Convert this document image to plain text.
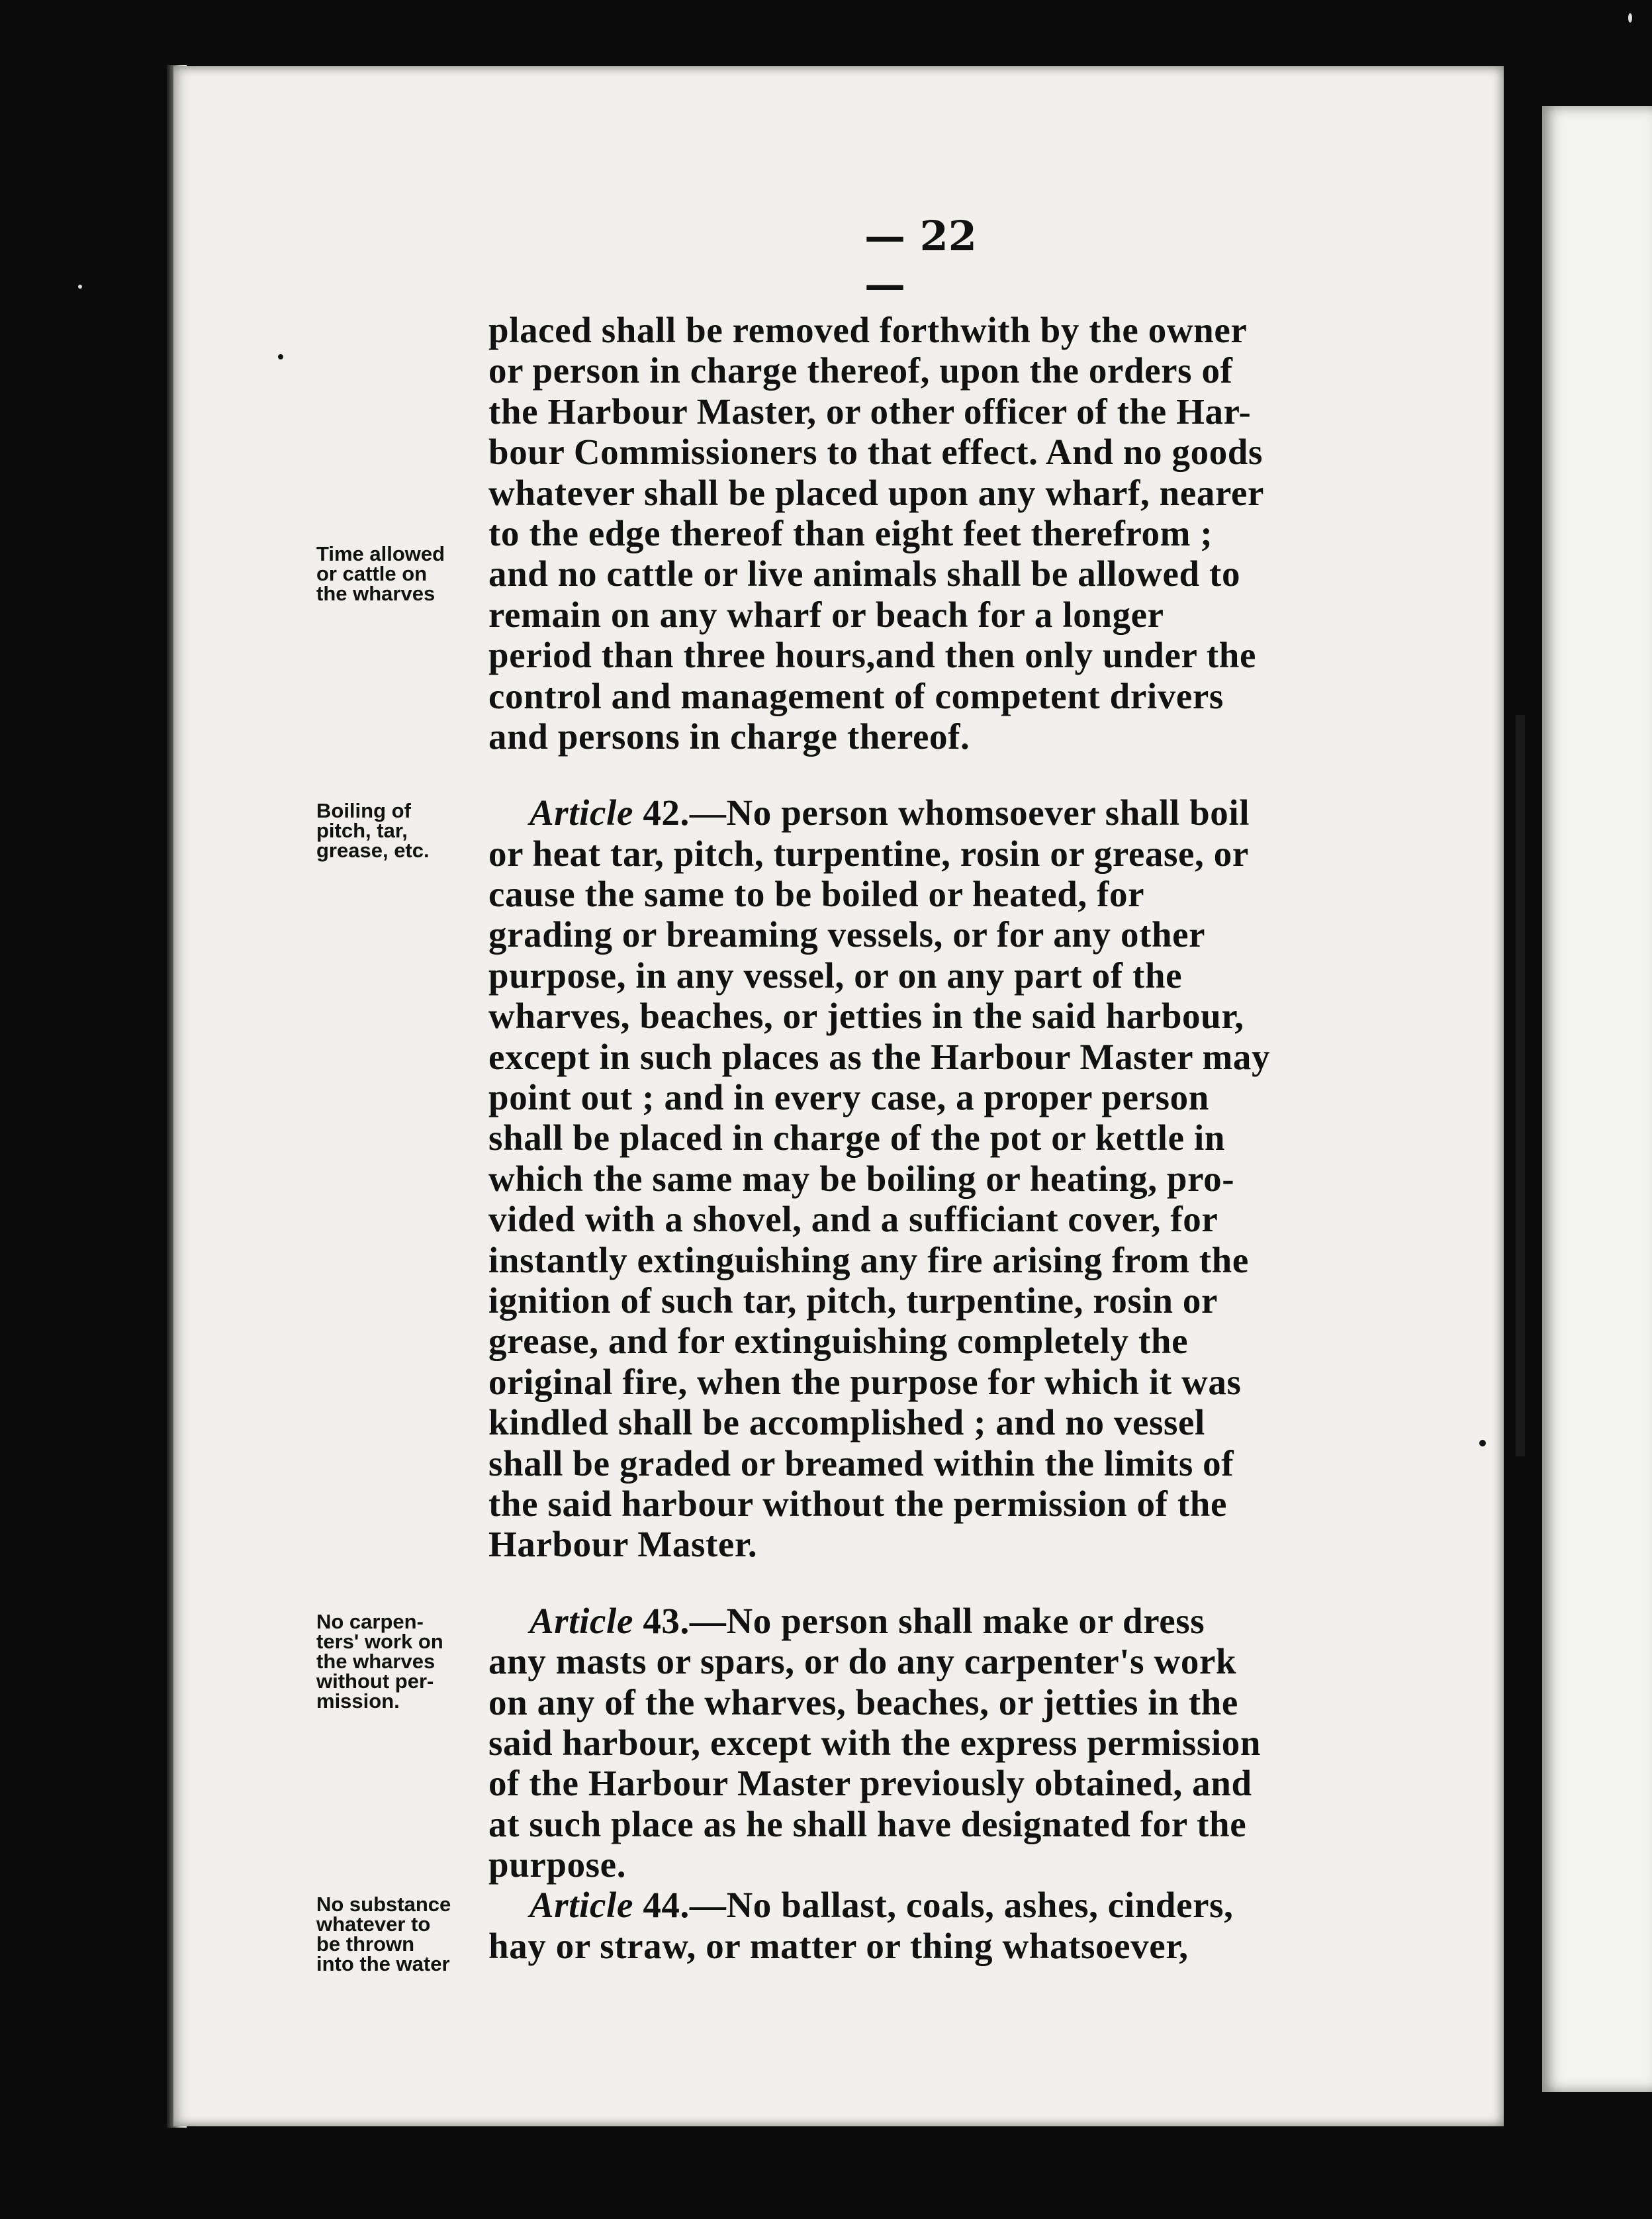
— 22 —
Time allowed
or cattle on
the wharves
Boiling of
pitch, tar,
grease, etc.
No carpen-
ters' work on
the wharves
without per-
mission.
No substance
whatever to
be thrown
into the water
placed shall be removed forthwith by the owner
or person in charge thereof, upon the orders of
the Harbour Master, or other officer of the Har-
bour Commissioners to that effect. And no goods
whatever shall be placed upon any wharf, nearer
to the edge thereof than eight feet therefrom ;
and no cattle or live animals shall be allowed to
remain on any wharf or beach for a longer
period than three hours,and then only under the
control and management of competent drivers
and persons in charge thereof.
Article 42.—No person whomsoever shall boil
or heat tar, pitch, turpentine, rosin or grease, or
cause the same to be boiled or heated, for
grading or breaming vessels, or for any other
purpose, in any vessel, or on any part of the
wharves, beaches, or jetties in the said harbour,
except in such places as the Harbour Master may
point out ; and in every case, a proper person
shall be placed in charge of the pot or kettle in
which the same may be boiling or heating, pro-
vided with a shovel, and a sufficiant cover, for
instantly extinguishing any fire arising from the
ignition of such tar, pitch, turpentine, rosin or
grease, and for extinguishing completely the
original fire, when the purpose for which it was
kindled shall be accomplished ; and no vessel
shall be graded or breamed within the limits of
the said harbour without the permission of the
Harbour Master.
Article 43.—No person shall make or dress
any masts or spars, or do any carpenter's work
on any of the wharves, beaches, or jetties in the
said harbour, except with the express permission
of the Harbour Master previously obtained, and
at such place as he shall have designated for the
purpose.
Article 44.—No ballast, coals, ashes, cinders,
hay or straw, or matter or thing whatsoever,
